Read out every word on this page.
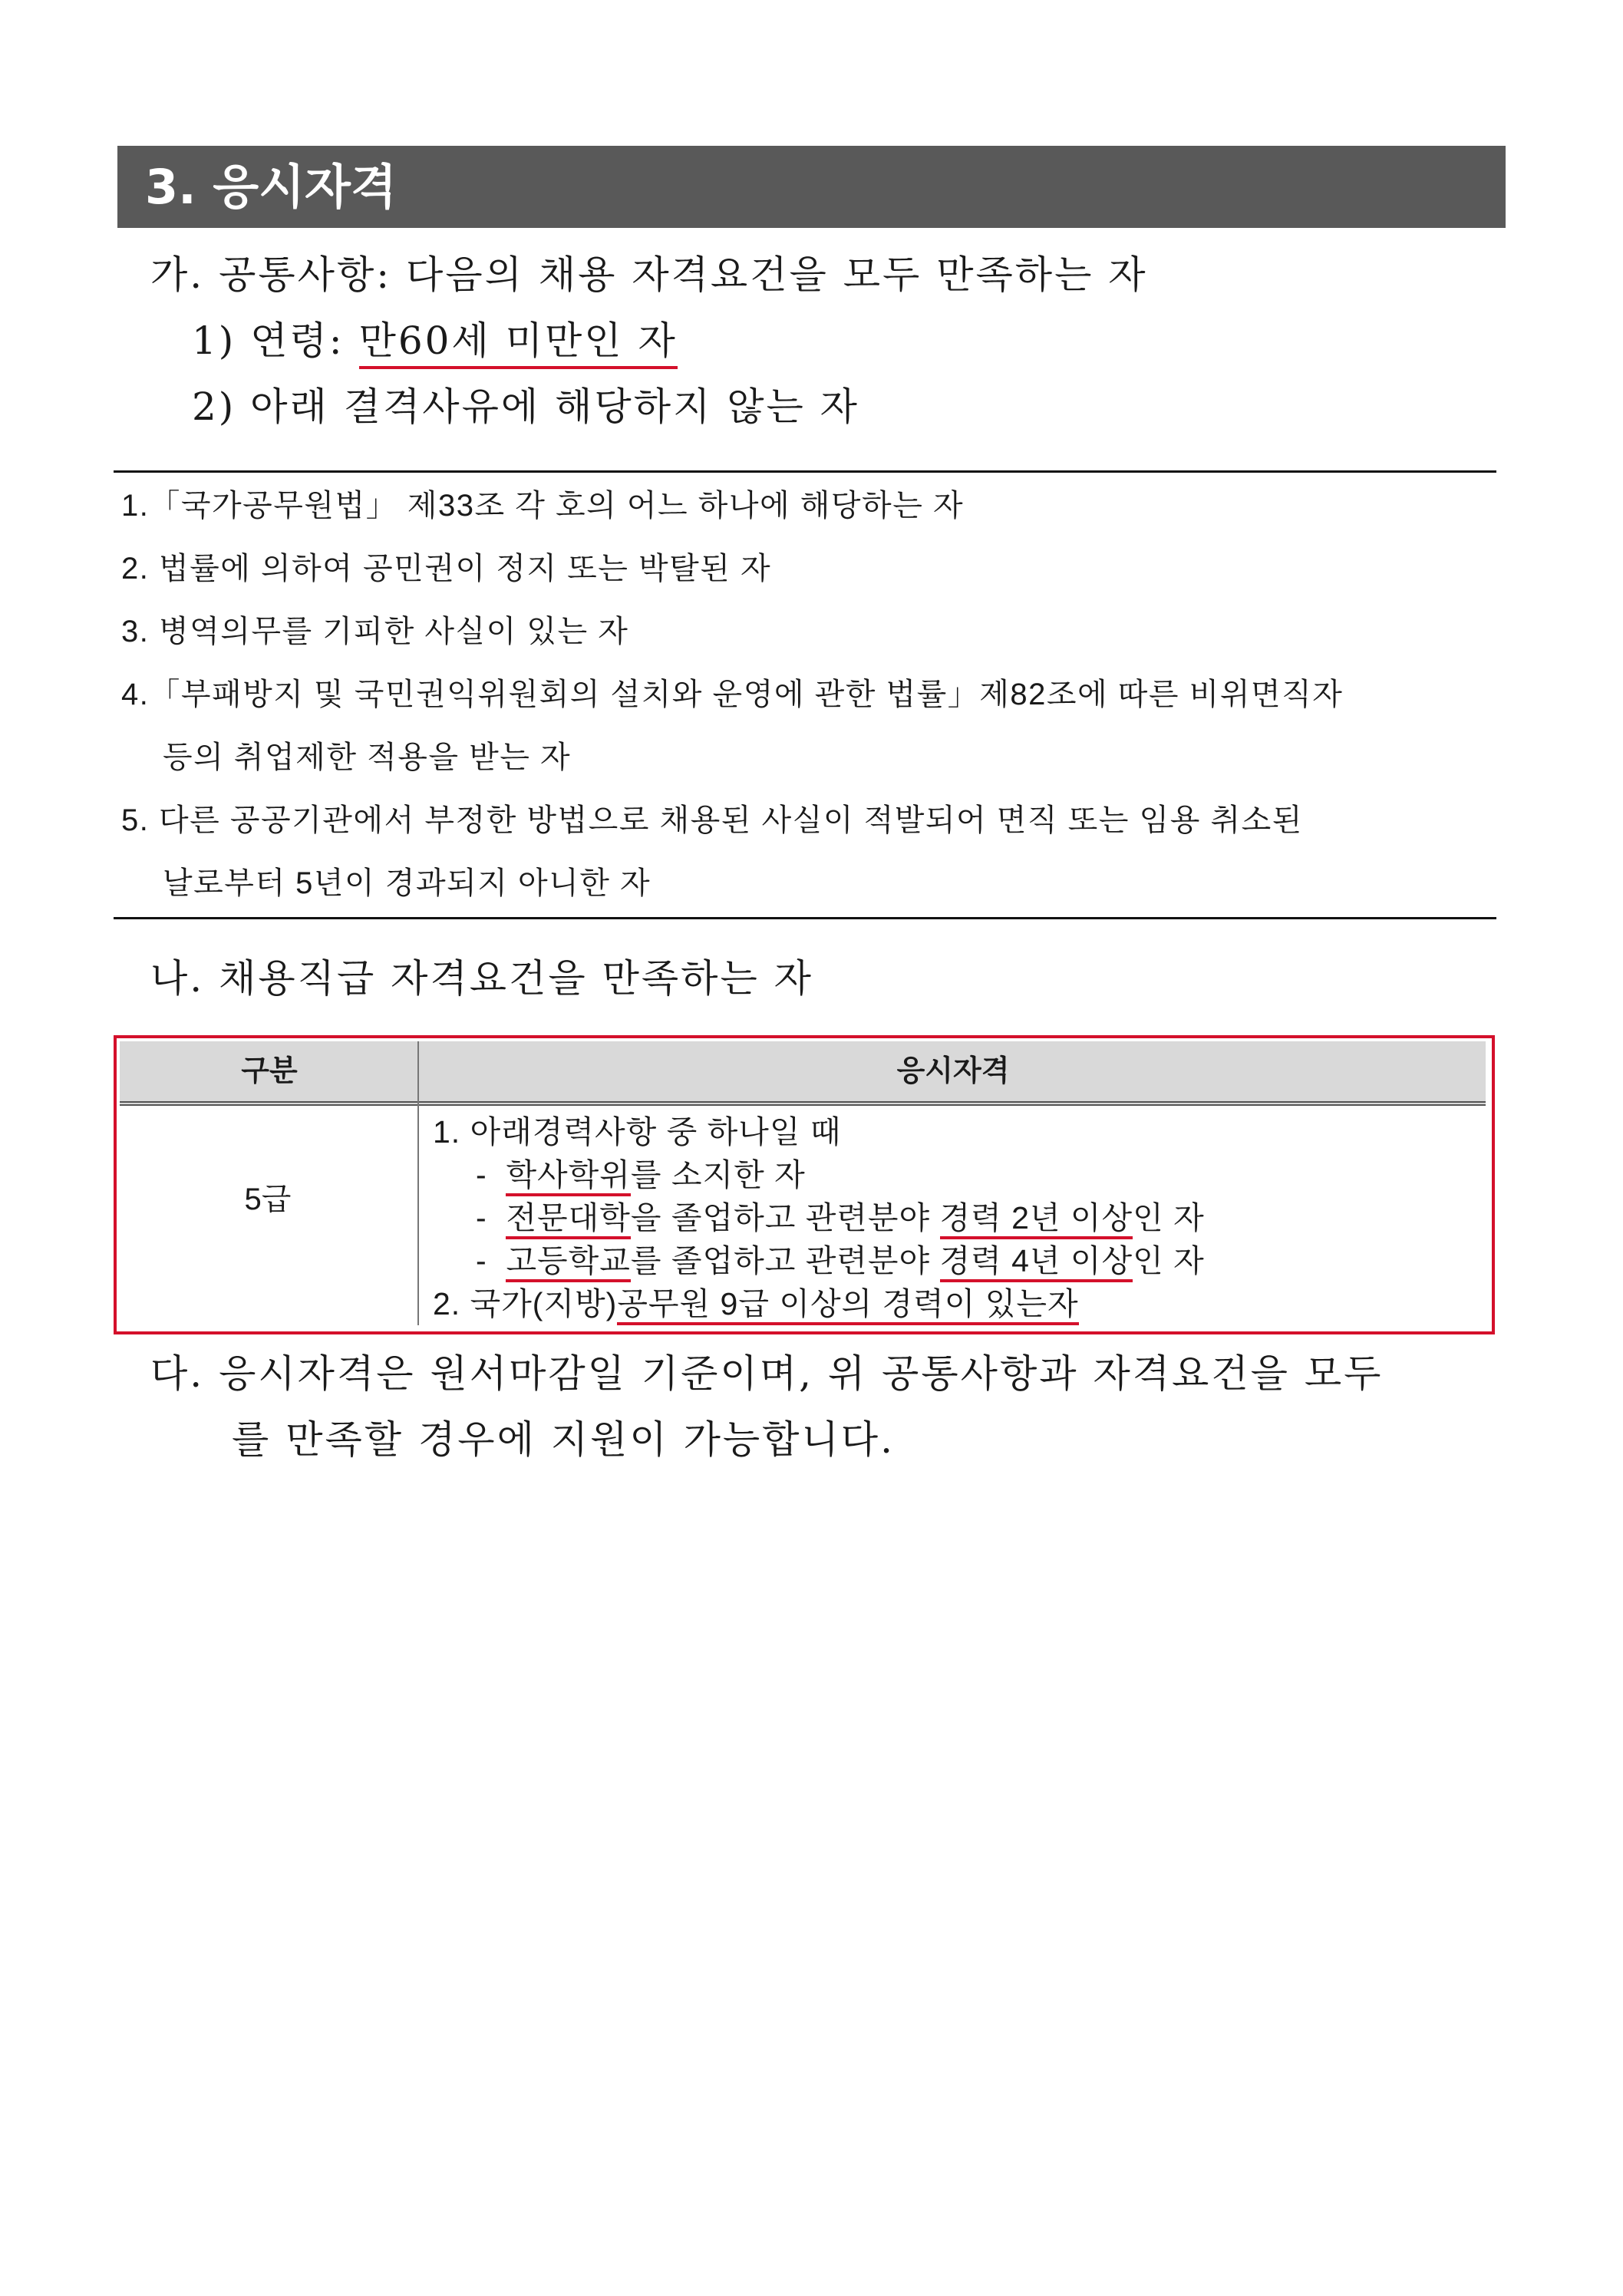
3. 응시자격
가. 공통사항: 다음의 채용 자격요건을 모두 만족하는 자
1) 연령: 만60세 미만인 자
2) 아래 결격사유에 해당하지 않는 자
1.「국가공무원법」 제33조 각 호의 어느 하나에 해당하는 자
2. 법률에 의하여 공민권이 정지 또는 박탈된 자
3. 병역의무를 기피한 사실이 있는 자
4.「부패방지 및 국민권익위원회의 설치와 운영에 관한 법률」제82조에 따른 비위면직자
등의 취업제한 적용을 받는 자
5. 다른 공공기관에서 부정한 방법으로 채용된 사실이 적발되어 면직 또는 임용 취소된
날로부터 5년이 경과되지 아니한 자
나. 채용직급 자격요건을 만족하는 자
구분	응시자격
5급
1. 아래경력사항 중 하나일 때
- 학사학위를 소지한 자
- 전문대학을 졸업하고 관련분야 경력 2년 이상인 자
- 고등학교를 졸업하고 관련분야 경력 4년 이상인 자
2. 국가(지방)공무원 9급 이상의 경력이 있는자
다. 응시자격은 원서마감일 기준이며, 위 공통사항과 자격요건을 모두
를 만족할 경우에 지원이 가능합니다.
